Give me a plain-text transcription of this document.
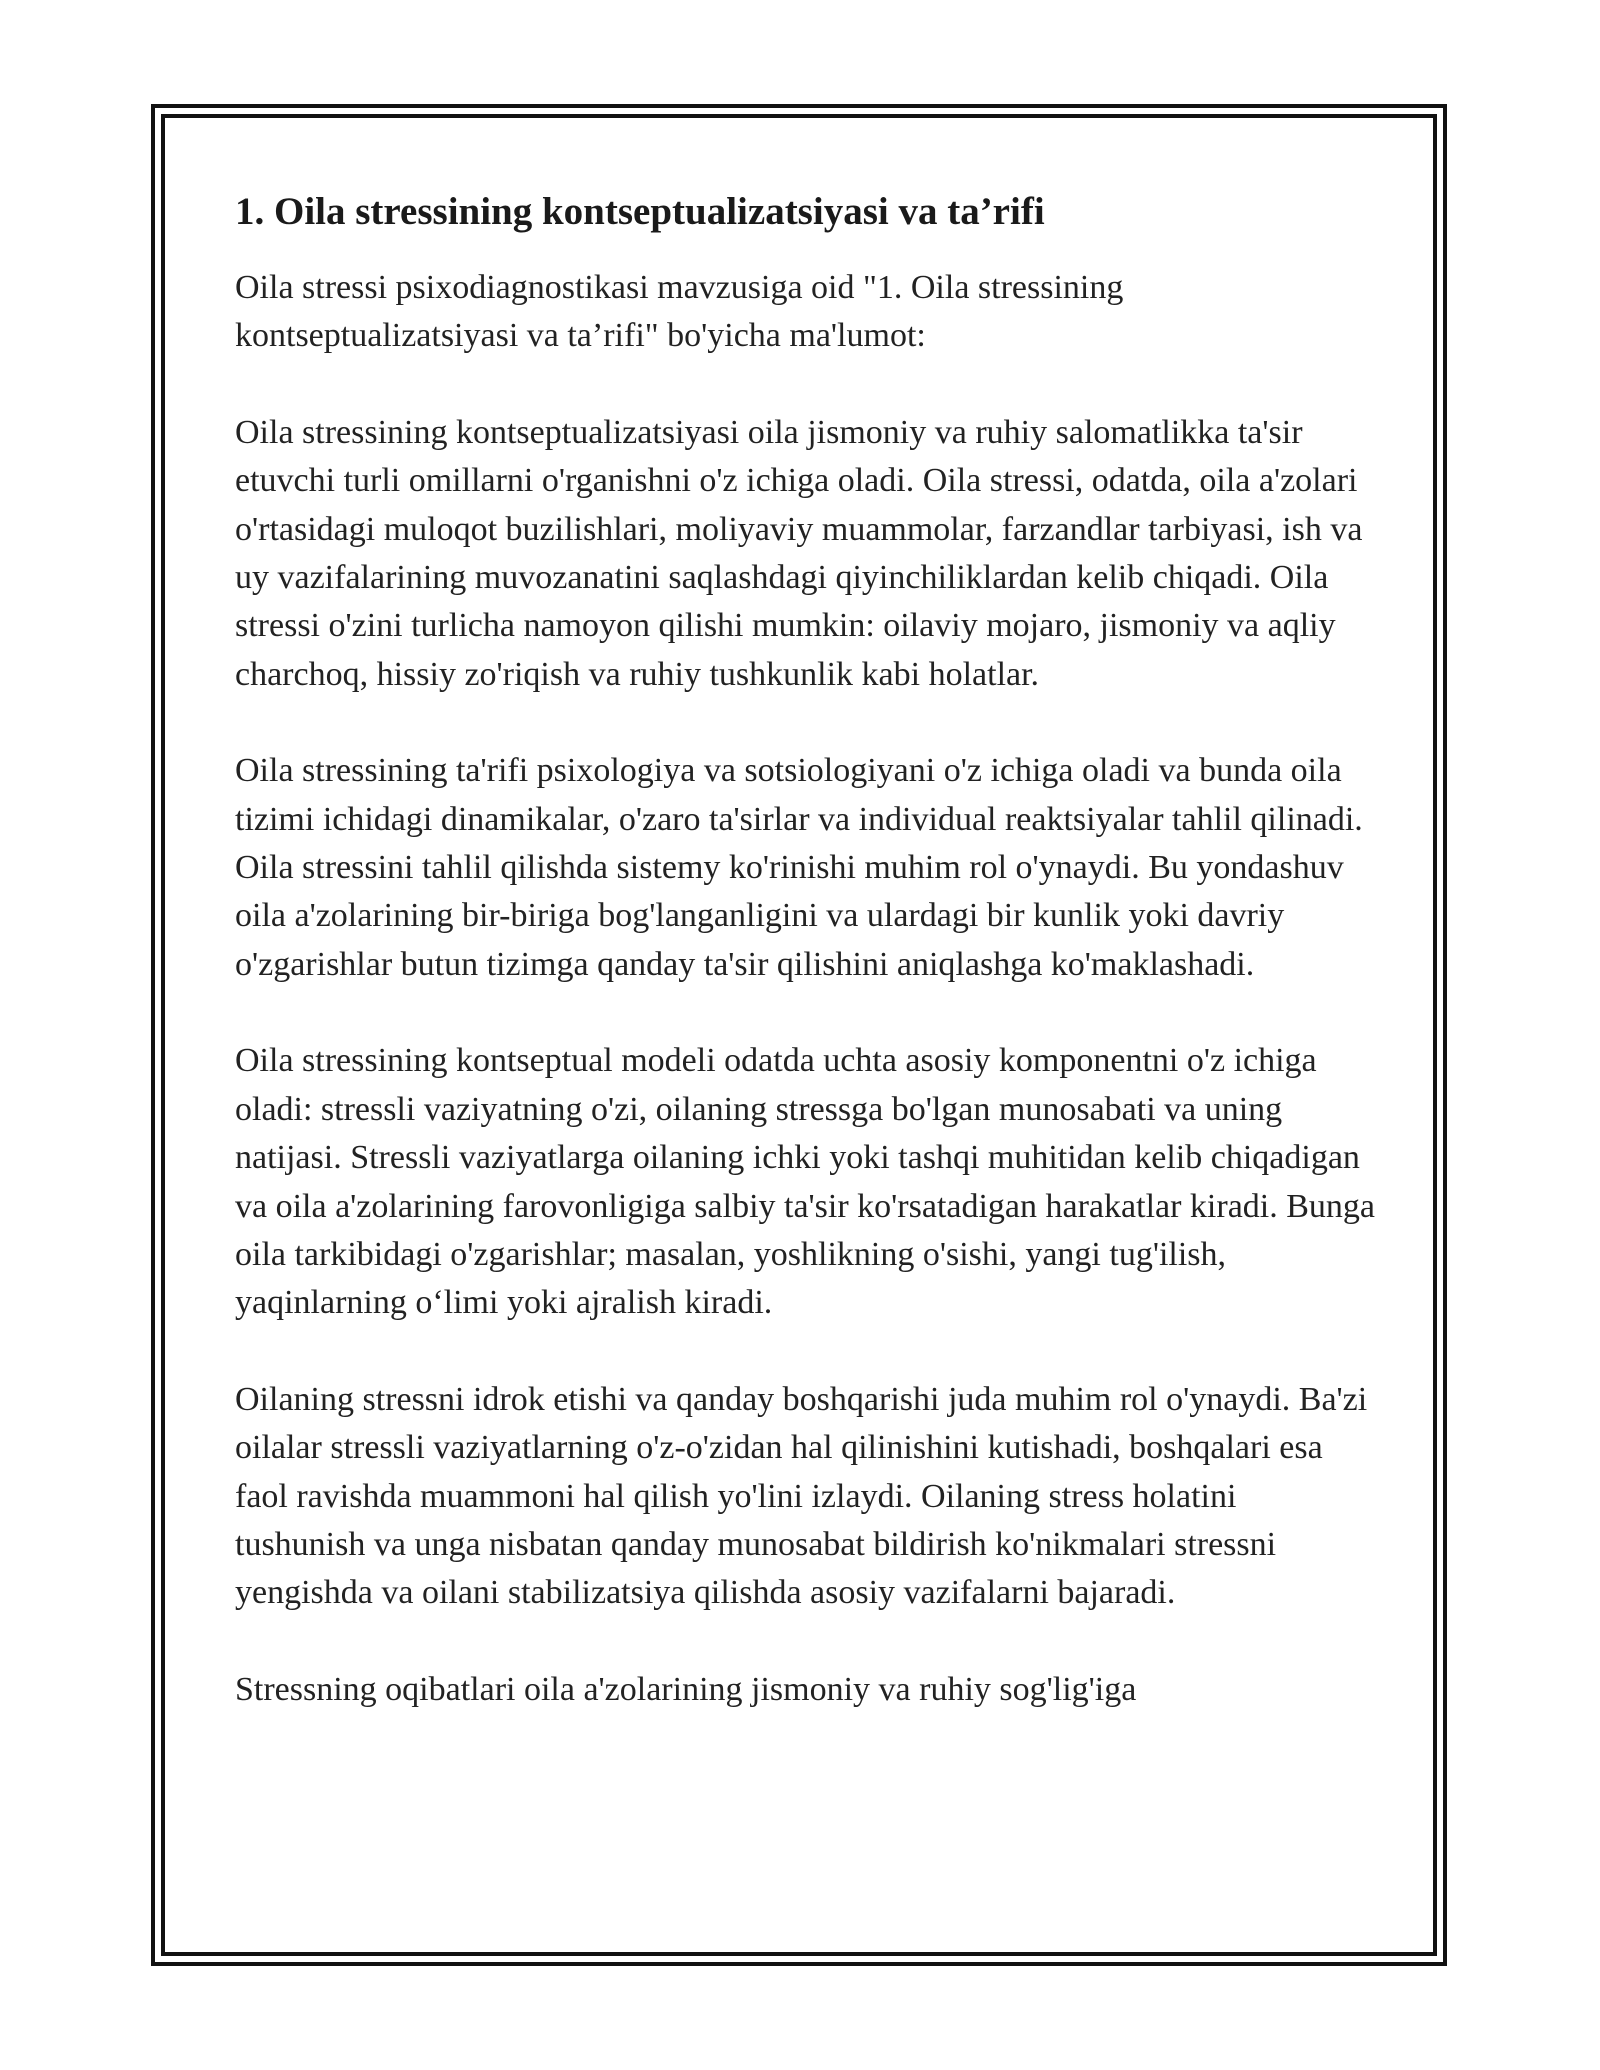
1. Oila stressining kontseptualizatsiyasi va ta’rifi

Oila stressi psixodiagnostikasi mavzusiga oid "1. Oila stressining kontseptualizatsiyasi va ta’rifi" bo'yicha ma'lumot:

Oila stressining kontseptualizatsiyasi oila jismoniy va ruhiy salomatlikka ta'sir etuvchi turli omillarni o'rganishni o'z ichiga oladi. Oila stressi, odatda, oila a'zolari o'rtasidagi muloqot buzilishlari, moliyaviy muammolar, farzandlar tarbiyasi, ish va uy vazifalarining muvozanatini saqlashdagi qiyinchiliklardan kelib chiqadi. Oila stressi o'zini turlicha namoyon qilishi mumkin: oilaviy mojaro, jismoniy va aqliy charchoq, hissiy zo'riqish va ruhiy tushkunlik kabi holatlar.

Oila stressining ta'rifi psixologiya va sotsiologiyani o'z ichiga oladi va bunda oila tizimi ichidagi dinamikalar, o'zaro ta'sirlar va individual reaktsiyalar tahlil qilinadi. Oila stressini tahlil qilishda sistemy ko'rinishi muhim rol o'ynaydi. Bu yondashuv oila a'zolarining bir-biriga bog'langanligini va ulardagi bir kunlik yoki davriy o'zgarishlar butun tizimga qanday ta'sir qilishini aniqlashga ko'maklashadi.

Oila stressining kontseptual modeli odatda uchta asosiy komponentni o'z ichiga oladi: stressli vaziyatning o'zi, oilaning stressga bo'lgan munosabati va uning natijasi. Stressli vaziyatlarga oilaning ichki yoki tashqi muhitidan kelib chiqadigan va oila a'zolarining farovonligiga salbiy ta'sir ko'rsatadigan harakatlar kiradi. Bunga oila tarkibidagi o'zgarishlar; masalan, yoshlikning o'sishi, yangi tug'ilish, yaqinlarning o‘limi yoki ajralish kiradi.

Oilaning stressni idrok etishi va qanday boshqarishi juda muhim rol o'ynaydi. Ba'zi oilalar stressli vaziyatlarning o'z-o'zidan hal qilinishini kutishadi, boshqalari esa faol ravishda muammoni hal qilish yo'lini izlaydi. Oilaning stress holatini tushunish va unga nisbatan qanday munosabat bildirish ko'nikmalari stressni yengishda va oilani stabilizatsiya qilishda asosiy vazifalarni bajaradi.

Stressning oqibatlari oila a'zolarining jismoniy va ruhiy sog'lig'iga
